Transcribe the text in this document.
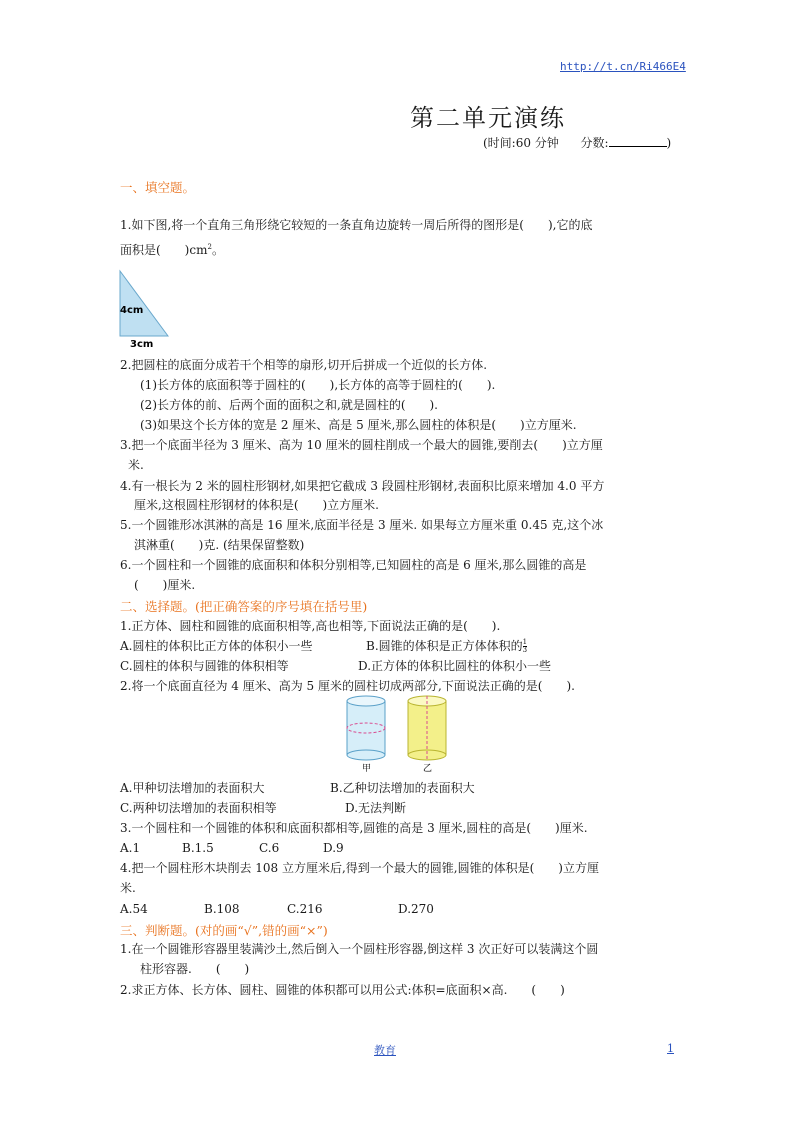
http://t.cn/Ri466E4
第二单元演练
(时间:60 分钟 分数:	)
一、填空题。
1.如下图,将一个直角三角形绕它较短的一条直角边旋转一周后所得的图形是(　　),它的底
面积是(　　)$cm^2$。
4cm
3cm
2.把圆柱的底面分成若干个相等的扇形,切开后拼成一个近似的长方体.
(1)长方体的底面积等于圆柱的(　　),长方体的高等于圆柱的(　　).
(2)长方体的前、后两个面的面积之和,就是圆柱的(　　).
(3)如果这个长方体的宽是 2 厘米、高是 5 厘米,那么圆柱的体积是(　　)立方厘米.
3.把一个底面半径为 3 厘米、高为 10 厘米的圆柱削成一个最大的圆锥,要削去(　　)立方厘
米.
4.有一根长为 2 米的圆柱形钢材,如果把它截成 3 段圆柱形钢材,表面积比原来增加 4.0 平方
厘米,这根圆柱形钢材的体积是(　　)立方厘米.
5.一个圆锥形冰淇淋的高是 16 厘米,底面半径是 3 厘米. 如果每立方厘米重 0.45 克,这个冰
淇淋重(　　)克. (结果保留整数)
6.一个圆柱和一个圆锥的底面积和体积分别相等,已知圆柱的高是 6 厘米,那么圆锥的高是
(　　)厘米.
二、选择题。(把正确答案的序号填在括号里)
1.正方体、圆柱和圆锥的底面积相等,高也相等,下面说法正确的是(　　).
A.圆柱的体积比正方体的体积小一些	B.圆锥的体积是正方体体积的 $\frac{1}{3}$
C.圆柱的体积与圆锥的体积相等	D.正方体的体积比圆柱的体积小一些
2.将一个底面直径为 4 厘米、高为 5 厘米的圆柱切成两部分,下面说法正确的是(　　).
甲	乙
A.甲种切法增加的表面积大	B.乙种切法增加的表面积大
C.两种切法增加的表面积相等	D.无法判断
3.一个圆柱和一个圆锥的体积和底面积都相等,圆锥的高是 3 厘米,圆柱的高是(　　)厘米.
A.1	B.1.5	C.6	D.9
4.把一个圆柱形木块削去 108 立方厘米后,得到一个最大的圆锥,圆锥的体积是(　　)立方厘
米.
A.54	B.108	C.216	D.270
三、判断题。(对的画“√”,错的画“×”)
1.在一个圆锥形容器里装满沙土,然后倒入一个圆柱形容器,倒这样 3 次正好可以装满这个圆
柱形容器.　　(　　)
2.求正方体、长方体、圆柱、圆锥的体积都可以用公式:体积=底面积×高.　　(　　)
教育	1
